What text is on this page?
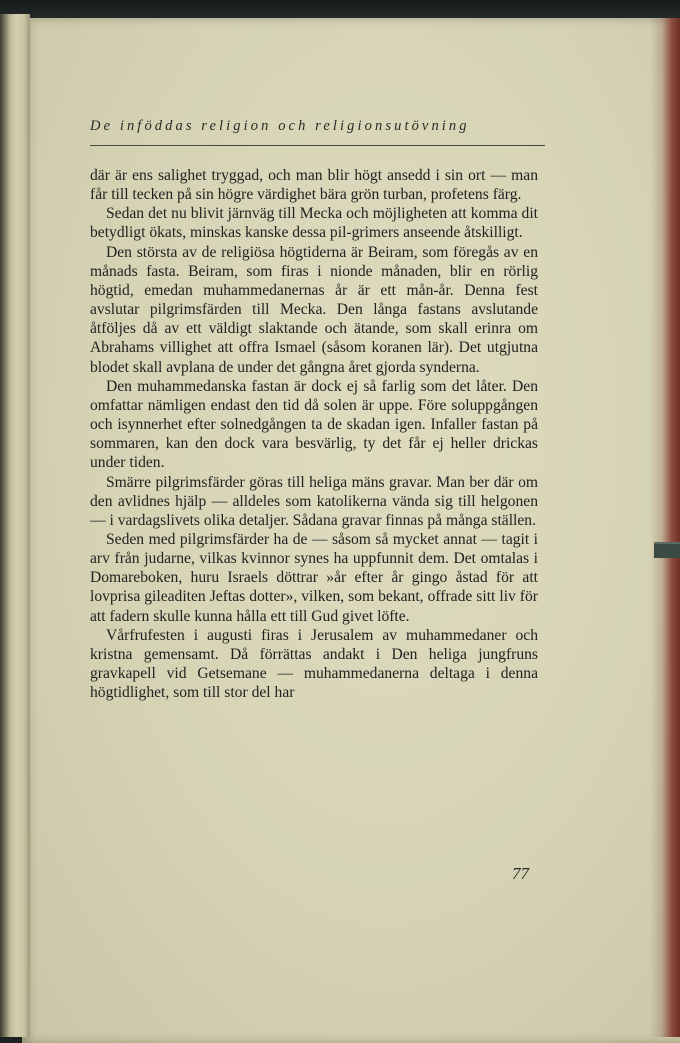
De inföddas religion och religionsutövning

där är ens salighet tryggad, och man blir högt ansedd i sin ort — man får till tecken på sin högre värdighet bära grön turban, profetens färg.

Sedan det nu blivit järnväg till Mecka och möjligheten att komma dit betydligt ökats, minskas kanske dessa pil-grimers anseende åtskilligt.

Den största av de religiösa högtiderna är Beiram, som föregås av en månads fasta. Beiram, som firas i nionde månaden, blir en rörlig högtid, emedan muhammedanernas år är ett mån-år. Denna fest avslutar pilgrimsfärden till Mecka. Den långa fastans avslutande åtföljes då av ett väldigt slaktande och ätande, som skall erinra om Abrahams villighet att offra Ismael (såsom koranen lär). Det utgjutna blodet skall avplana de under det gångna året gjorda synderna.

Den muhammedanska fastan är dock ej så farlig som det låter. Den omfattar nämligen endast den tid då solen är uppe. Före soluppgången och isynnerhet efter solnedgången ta de skadan igen. Infaller fastan på sommaren, kan den dock vara besvärlig, ty det får ej heller drickas under tiden.

Smärre pilgrimsfärder göras till heliga mäns gravar. Man ber där om den avlidnes hjälp — alldeles som katolikerna vända sig till helgonen — i vardagslivets olika detaljer. Sådana gravar finnas på många ställen.

Seden med pilgrimsfärder ha de — såsom så mycket annat — tagit i arv från judarne, vilkas kvinnor synes ha uppfunnit dem. Det omtalas i Domareboken, huru Israels döttrar »år efter år gingo åstad för att lovprisa gileaditen Jeftas dotter», vilken, som bekant, offrade sitt liv för att fadern skulle kunna hålla ett till Gud givet löfte.

Vårfrufesten i augusti firas i Jerusalem av muhammedaner och kristna gemensamt. Då förrättas andakt i Den heliga jungfruns gravkapell vid Getsemane — muhammedanerna deltaga i denna högtidlighet, som till stor del har

77
